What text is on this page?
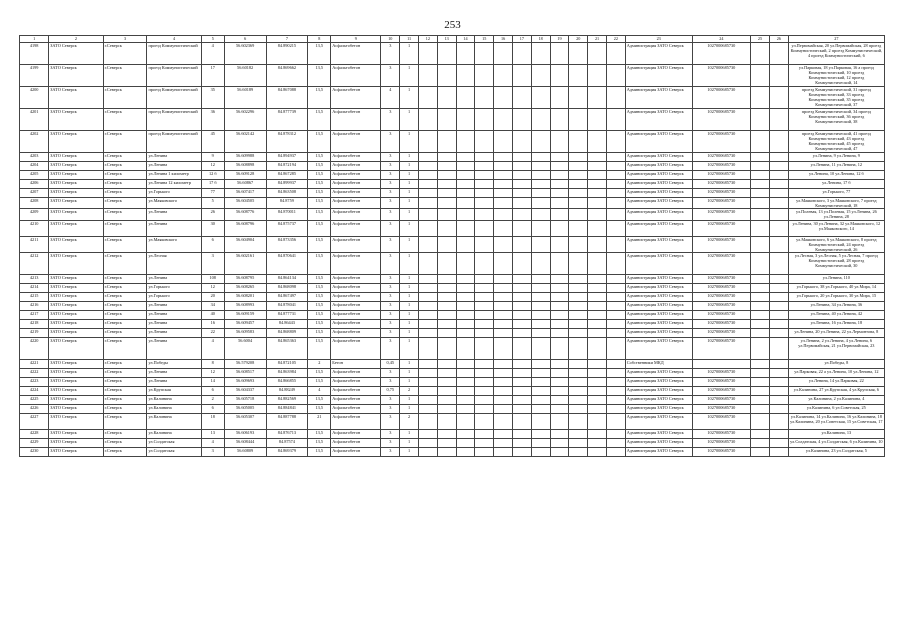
253
1	2	3	4	5	6	7	8	9	10	11	12	13	14	15	16	17	18	19	20	21	22	23	24	25	26	27
4198	ЗАТО Северск	г.Северск	проезд Коммунистический	4	56.602369	84.890215	13,5	Асфальтобетон	3	1												Администрация ЗАТО Северск	1027000685730			ул.Первомайская, 20 ул.Первомайская, 28 проезд Коммунистический, 2 проезд Коммунистический, 4 проезд Коммунистический, 6
4199	ЗАТО Северск	г.Северск	проезд Коммунистический	17	56.60182	84.869662	13,5	Асфальтобетон	3	1												Администрация ЗАТО Северск	1027000685730			ул.Парковая, 18 ул.Парковая, 16 а проезд Коммунистический, 10 проезд Коммунистический, 12 проезд Коммунистический, 14
4200	ЗАТО Северск	г.Северск	проезд Коммунистический	35	56.60189	84.867088	13,5	Асфальтобетон	4	1												Администрация ЗАТО Северск	1027000685730			проезд Коммунистический, 31 проезд Коммунистический, 33 проезд Коммунистический, 35 проезд Коммунистический, 37
4201	ЗАТО Северск	г.Северск	проезд Коммунистический	36	56.602296	84.877739	13,5	Асфальтобетон	3	1												Администрация ЗАТО Северск	1027000685730			проезд Коммунистический, 34 проезд Коммунистический, 36 проезд Коммунистический, 38
4202	ЗАТО Северск	г.Северск	проезд Коммунистический	45	56.602142	84.878312	13,5	Асфальтобетон	3	1												Администрация ЗАТО Северск	1027000685730			проезд Коммунистический, 41 проезд Коммунистический, 43 проезд Коммунистический, 45 проезд Коммунистический, 47
4203	ЗАТО Северск	г.Северск	ул.Ленина	9	56.609988	84.894937	13,5	Асфальтобетон	3	1												Администрация ЗАТО Северск	1027000685730			ул.Ленина, 9 ул.Ленина, 9
4204	ЗАТО Северск	г.Северск	ул.Ленина	12	56.608898	84.872194	13,5	Асфальтобетон	3	1												Администрация ЗАТО Северск	1027000685730			ул.Ленина, 11 ул.Ленина, 12
4205	ЗАТО Северск	г.Северск	ул.Ленина 1 километр	12 б	56.609128	84.867285	13,5	Асфальтобетон	3	1												Администрация ЗАТО Северск	1027000685730			ул.Ленина, 10 ул.Ленина, 12 б
4206	ЗАТО Северск	г.Северск	ул.Ленина 12 километр	17 б	56.60867	84.899937	13,5	Асфальтобетон	3	1												Администрация ЗАТО Северск	1027000685730			ул.Ленина, 17 б
4207	ЗАТО Северск	г.Северск	ул.Горького	77	56.607417	84.863508	13,5	Асфальтобетон	3	1												Администрация ЗАТО Северск	1027000685730			ул.Горького, 77
4208	ЗАТО Северск	г.Северск	ул.Маяковского	5	56.604505	84.8759	13,5	Асфальтобетон	3	1												Администрация ЗАТО Северск	1027000685730			ул.Маяковского, 3 ул.Маяковского, 7 проезд Коммунистический, 18
4209	ЗАТО Северск	г.Северск	ул.Ленина	26	56.608776	84.870011	13,5	Асфальтобетон	3	1												Администрация ЗАТО Северск	1027000685730			ул.Полевая, 13 ул.Полевая, 15 ул.Ленина, 26 ул.Ленина, 28
4210	ЗАТО Северск	г.Северск	ул.Ленина	30	56.608796	84.875737	13,5	Асфальтобетон	3	1												Администрация ЗАТО Северск	1027000685730			ул.Ленина, 30 ул.Ленина, 32 ул.Маяковского, 12 ул.Маяковского, 14
4211	ЗАТО Северск	г.Северск	ул.Маяковского	6	56.604904	84.873356	13,5	Асфальтобетон	3	1												Администрация ЗАТО Северск	1027000685730			ул.Маяковского, 6 ул.Маяковского, 8 проезд Коммунистический, 24 проезд Коммунистический, 26
4212	ЗАТО Северск	г.Северск	ул.Лесная	3	56.602161	84.870641	13,5	Асфальтобетон	3	1												Администрация ЗАТО Северск	1027000685730			ул.Лесная, 3 ул.Лесная, 5 ул.Лесная, 7 проезд Коммунистический, 28 проезд Коммунистический, 30
4213	ЗАТО Северск	г.Северск	ул.Ленина	108	56.608795	84.864134	13,5	Асфальтобетон	3	1												Администрация ЗАТО Северск	1027000685730			ул.Ленина, 110
4214	ЗАТО Северск	г.Северск	ул.Горького	12	56.608265	84.868098	13,5	Асфальтобетон	3	1												Администрация ЗАТО Северск	1027000685730			ул.Горького, 38 ул.Горького, 40 ул.Мира, 14
4215	ЗАТО Северск	г.Северск	ул.Горького	20	56.608201	84.867497	13,5	Асфальтобетон	3	1												Администрация ЗАТО Северск	1027000685730			ул.Горького, 20 ул.Горького, 30 ул.Мира, 15
4216	ЗАТО Северск	г.Северск	ул.Ленина	34	56.608993	84.878041	13,5	Асфальтобетон	3	1												Администрация ЗАТО Северск	1027000685730			ул.Ленина, 34 ул.Ленина, 36
4217	ЗАТО Северск	г.Северск	ул.Ленина	40	56.609159	84.877731	13,5	Асфальтобетон	3	1												Администрация ЗАТО Северск	1027000685730			ул.Ленина, 40 ул.Ленина, 42
4218	ЗАТО Северск	г.Северск	ул.Ленина	16	56.609457	84.86443	13,5	Асфальтобетон	3	1												Администрация ЗАТО Северск	1027000685730			ул.Ленина, 16 ул.Ленина, 18
4219	ЗАТО Северск	г.Северск	ул.Ленина	22	56.609583	84.868809	13,5	Асфальтобетон	3	1												Администрация ЗАТО Северск	1027000685730			ул.Ленина, 20 ул.Ленина, 22 ул.Лермонтова, 8
4220	ЗАТО Северск	г.Северск	ул.Ленина	4	56.6004	84.865363	13,5	Асфальтобетон	3	1												Администрация ЗАТО Северск	1027000685730			ул.Ленина, 2 ул.Ленина, 4 ул.Ленина, 6 ул.Первомайская, 21 ул.Первомайская, 23
4221	ЗАТО Северск	г.Северск	ул.Победы	8	56.579208	84.872105	2	Бетон	0,45	1												Собственники МКД				ул.Победы, 8
4222	ЗАТО Северск	г.Северск	ул.Ленина	12	56.608517	84.863984	13,5	Асфальтобетон	3	1												Администрация ЗАТО Северск	1027000685730			ул.Парковая, 22 а ул.Ленина, 10 ул.Ленина, 12
4223	ЗАТО Северск	г.Северск	ул.Ленина	14	56.609693	84.866855	13,5	Асфальтобетон	3	1												Администрация ЗАТО Северск	1027000685730			ул.Ленина, 14 ул.Парковая, 22
4224	ЗАТО Северск	г.Северск	ул.Крупская	6	56.604337	84.88249	4	Асфальтобетон	0,75	2												Администрация ЗАТО Северск	1027000685730			ул.Калинина, 27 ул.Крупская, 4 ул.Крупская, 6
4225	ЗАТО Северск	г.Северск	ул.Калинина	2	56.605718	84.882569	13,5	Асфальтобетон	3	1												Администрация ЗАТО Северск	1027000685730			ул.Калинина, 2 ул.Калинина, 4
4226	ЗАТО Северск	г.Северск	ул.Калинина	6	56.605005	84.884841	13,5	Асфальтобетон	3	1												Администрация ЗАТО Северск	1027000685730			ул.Калинина, 6 ул.Советская, 25
4227	ЗАТО Северск	г.Северск	ул.Калинина	18	56.605307	84.887788	21	Асфальтобетон	3	2												Администрация ЗАТО Северск	1027000685730			ул.Калинина, 14 ул.Калинина, 16 ул.Калинина, 18 ул.Калинина, 20 ул.Советская, 15 ул.Советская, 17
4228	ЗАТО Северск	г.Северск	ул.Калинина	13	56.606193	84.876713	13,5	Асфальтобетон	3	1												Администрация ЗАТО Северск	1027000685730			ул.Калинина, 13
4229	ЗАТО Северск	г.Северск	ул.Солдатская	4	56.608444	84.87574	13,5	Асфальтобетон	3	1												Администрация ЗАТО Северск	1027000685730			ул.Солдатская, 4 ул.Солдатская, 6 ул.Калинина, 10
4230	ЗАТО Северск	г.Северск	ул.Солдатская	3	56.60809	84.869379	13,5	Асфальтобетон	3	1												Администрация ЗАТО Северск	1027000685730			ул.Калинина, 23 ул.Солдатская, 5
